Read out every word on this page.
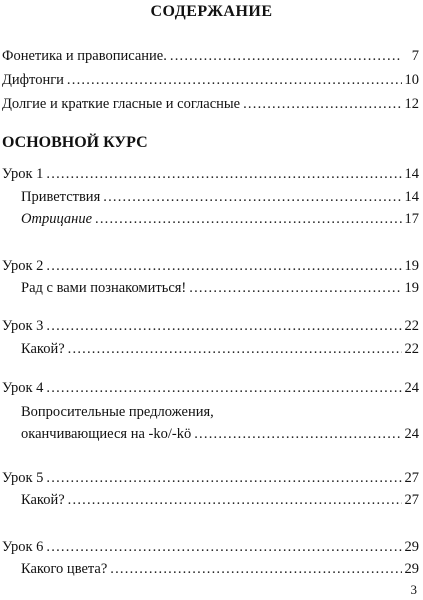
СОДЕРЖАНИЕ
Фонетика и правописание. .....	7
Дифтонги .....	10
Долгие и краткие гласные и согласные .....	12
ОСНОВНОЙ КУРС
Урок 1 .....	14
Приветствия .....	14
Отрицание .....	17
Урок 2 .....	19
Рад с вами познакомиться! .....	19
Урок 3 .....	22
Какой? .....	22
Урок 4 .....	24
Вопросительные предложения,
оканчивающиеся на -ko/-kö .....	24
Урок 5 .....	27
Какой? .....	27
Урок 6 .....	29
Какого цвета? .....	29
3
